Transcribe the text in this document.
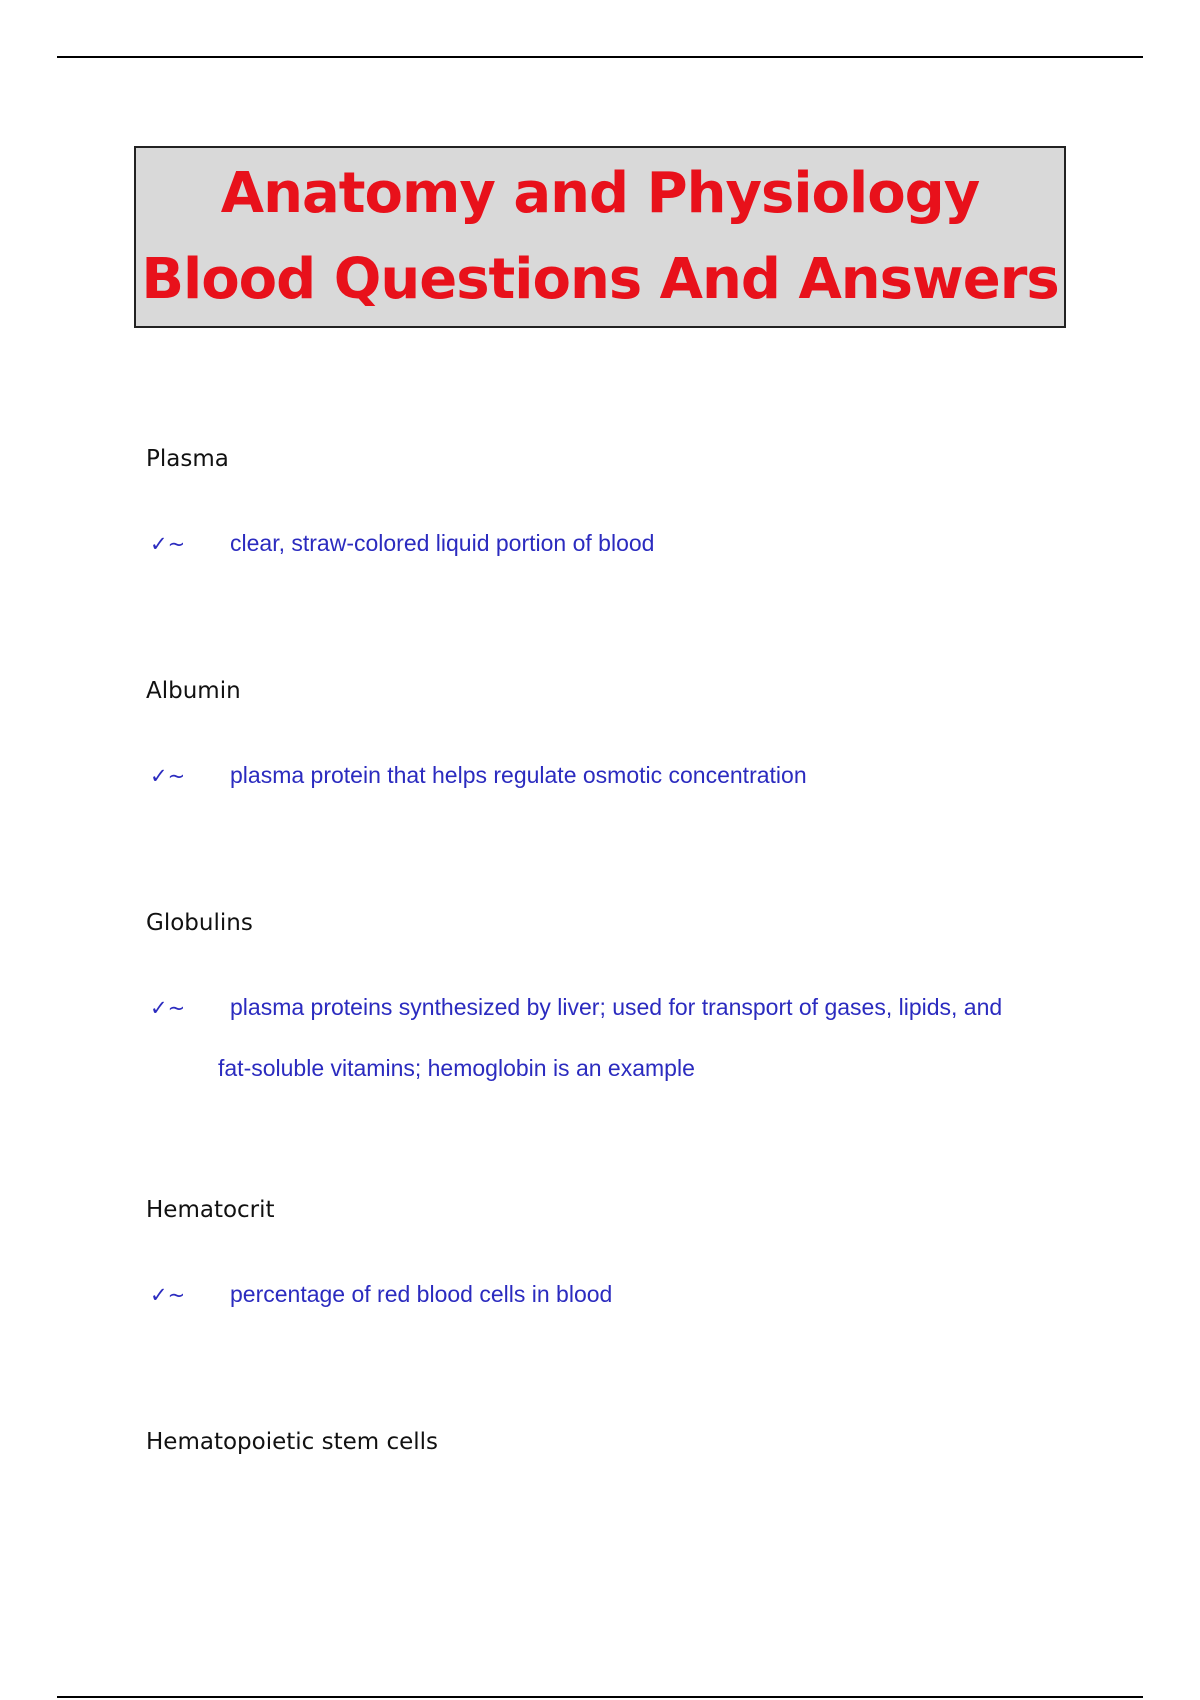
Anatomy and Physiology
Blood Questions And Answers
Plasma
✓~ clear, straw-colored liquid portion of blood
Albumin
✓~ plasma protein that helps regulate osmotic concentration
Globulins
✓~ plasma proteins synthesized by liver; used for transport of gases, lipids, and
fat-soluble vitamins; hemoglobin is an example
Hematocrit
✓~ percentage of red blood cells in blood
Hematopoietic stem cells
